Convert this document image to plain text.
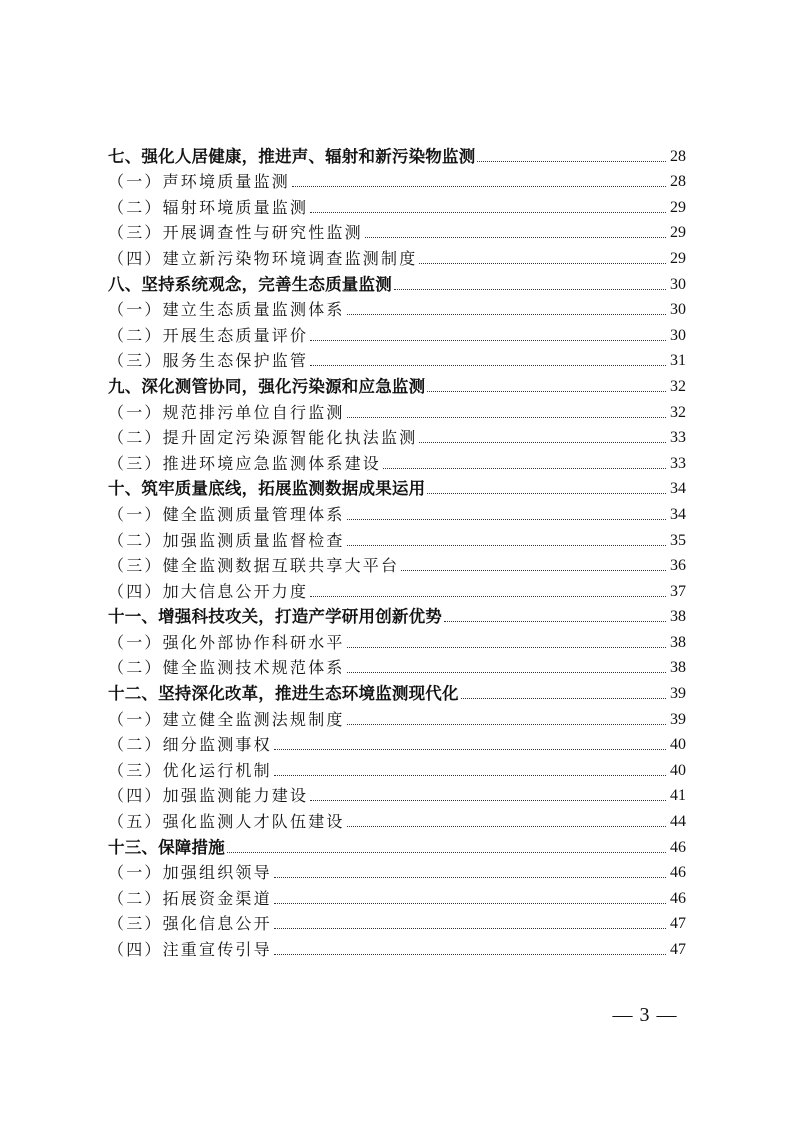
七、强化人居健康，推进声、辐射和新污染物监测	28
（一）声环境质量监测	28
（二）辐射环境质量监测	29
（三）开展调查性与研究性监测	29
（四）建立新污染物环境调查监测制度	29
八、坚持系统观念，完善生态质量监测	30
（一）建立生态质量监测体系	30
（二）开展生态质量评价	30
（三）服务生态保护监管	31
九、深化测管协同，强化污染源和应急监测	32
（一）规范排污单位自行监测	32
（二）提升固定污染源智能化执法监测	33
（三）推进环境应急监测体系建设	33
十、筑牢质量底线，拓展监测数据成果运用	34
（一）健全监测质量管理体系	34
（二）加强监测质量监督检查	35
（三）健全监测数据互联共享大平台	36
（四）加大信息公开力度	37
十一、增强科技攻关，打造产学研用创新优势	38
（一）强化外部协作科研水平	38
（二）健全监测技术规范体系	38
十二、坚持深化改革，推进生态环境监测现代化	39
（一）建立健全监测法规制度	39
（二）细分监测事权	40
（三）优化运行机制	40
（四）加强监测能力建设	41
（五）强化监测人才队伍建设	44
十三、保障措施	46
（一）加强组织领导	46
（二）拓展资金渠道	46
（三）强化信息公开	47
（四）注重宣传引导	47
— 3 —
